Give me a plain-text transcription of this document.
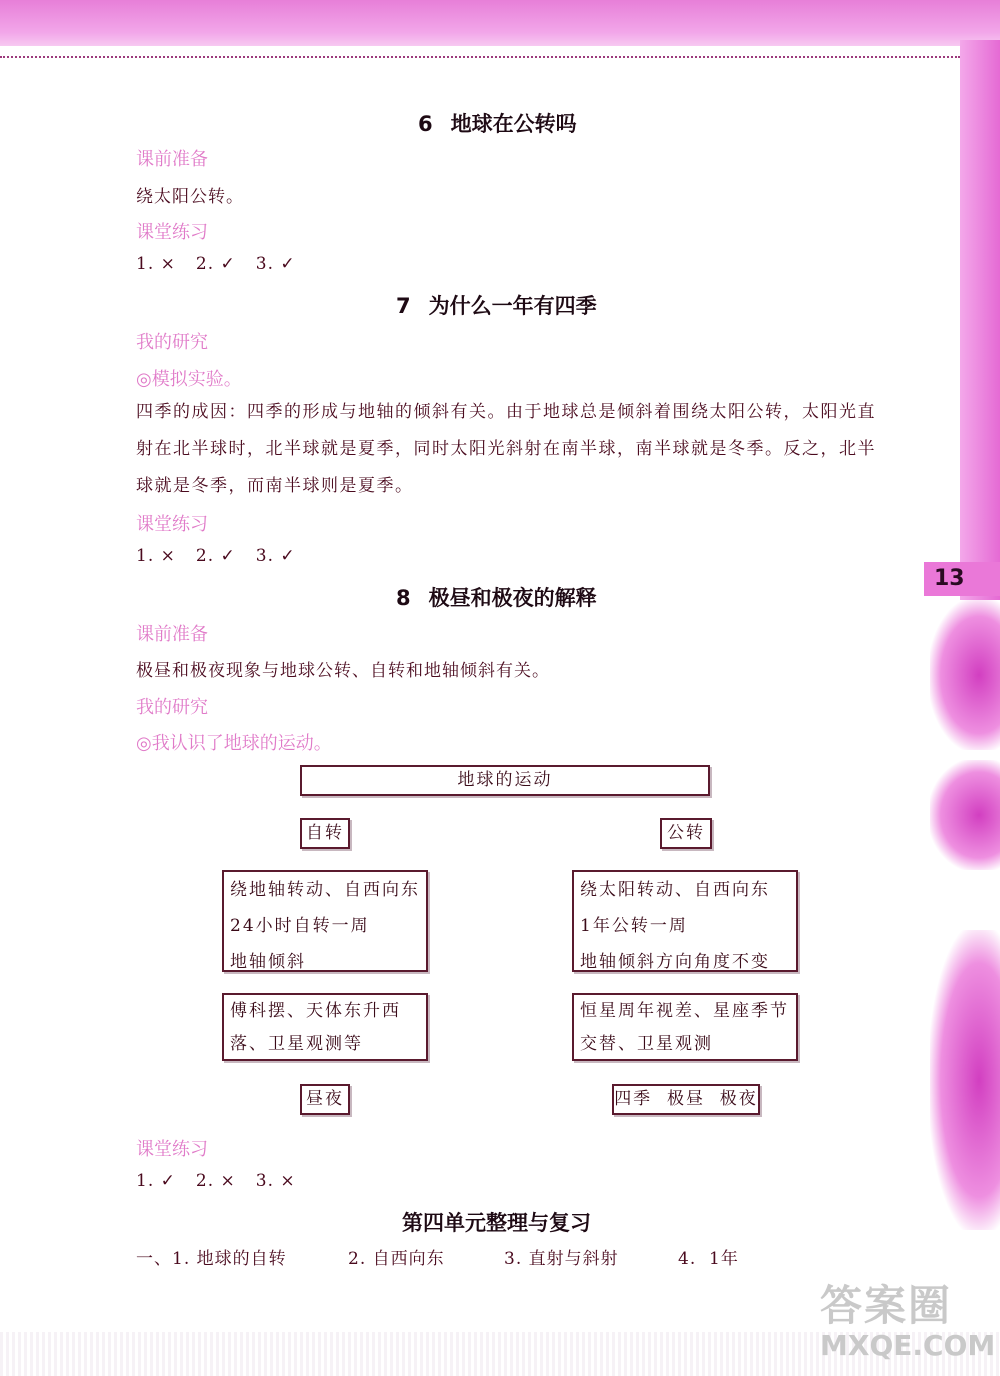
13
答案圈
MXQE.COM
6 地球在公转吗
课前准备
绕太阳公转。
课堂练习
1. × 2. ✓ 3. ✓
7 为什么一年有四季
我的研究
◎模拟实验。
四季的成因：四季的形成与地轴的倾斜有关。由于地球总是倾斜着围绕太阳公转，太阳光直射在北半球时，北半球就是夏季，同时太阳光斜射在南半球，南半球就是冬季。反之，北半球就是冬季，而南半球则是夏季。
课堂练习
1. × 2. ✓ 3. ✓
8 极昼和极夜的解释
课前准备
极昼和极夜现象与地球公转、自转和地轴倾斜有关。
我的研究
◎我认识了地球的运动。
地球的运动
自转	公转
绕地轴转动、自西向东
24小时自转一周
地轴倾斜
绕太阳转动、自西向东
1年公转一周
地轴倾斜方向角度不变
傅科摆、天体东升西
落、卫星观测等
恒星周年视差、星座季节
交替、卫星观测
昼夜	四季  极昼  极夜
课堂练习
1. ✓ 2. × 3. ×
第四单元整理与复习
一、1. 地球的自转	2. 自西向东	3. 直射与斜射	4.  1年
